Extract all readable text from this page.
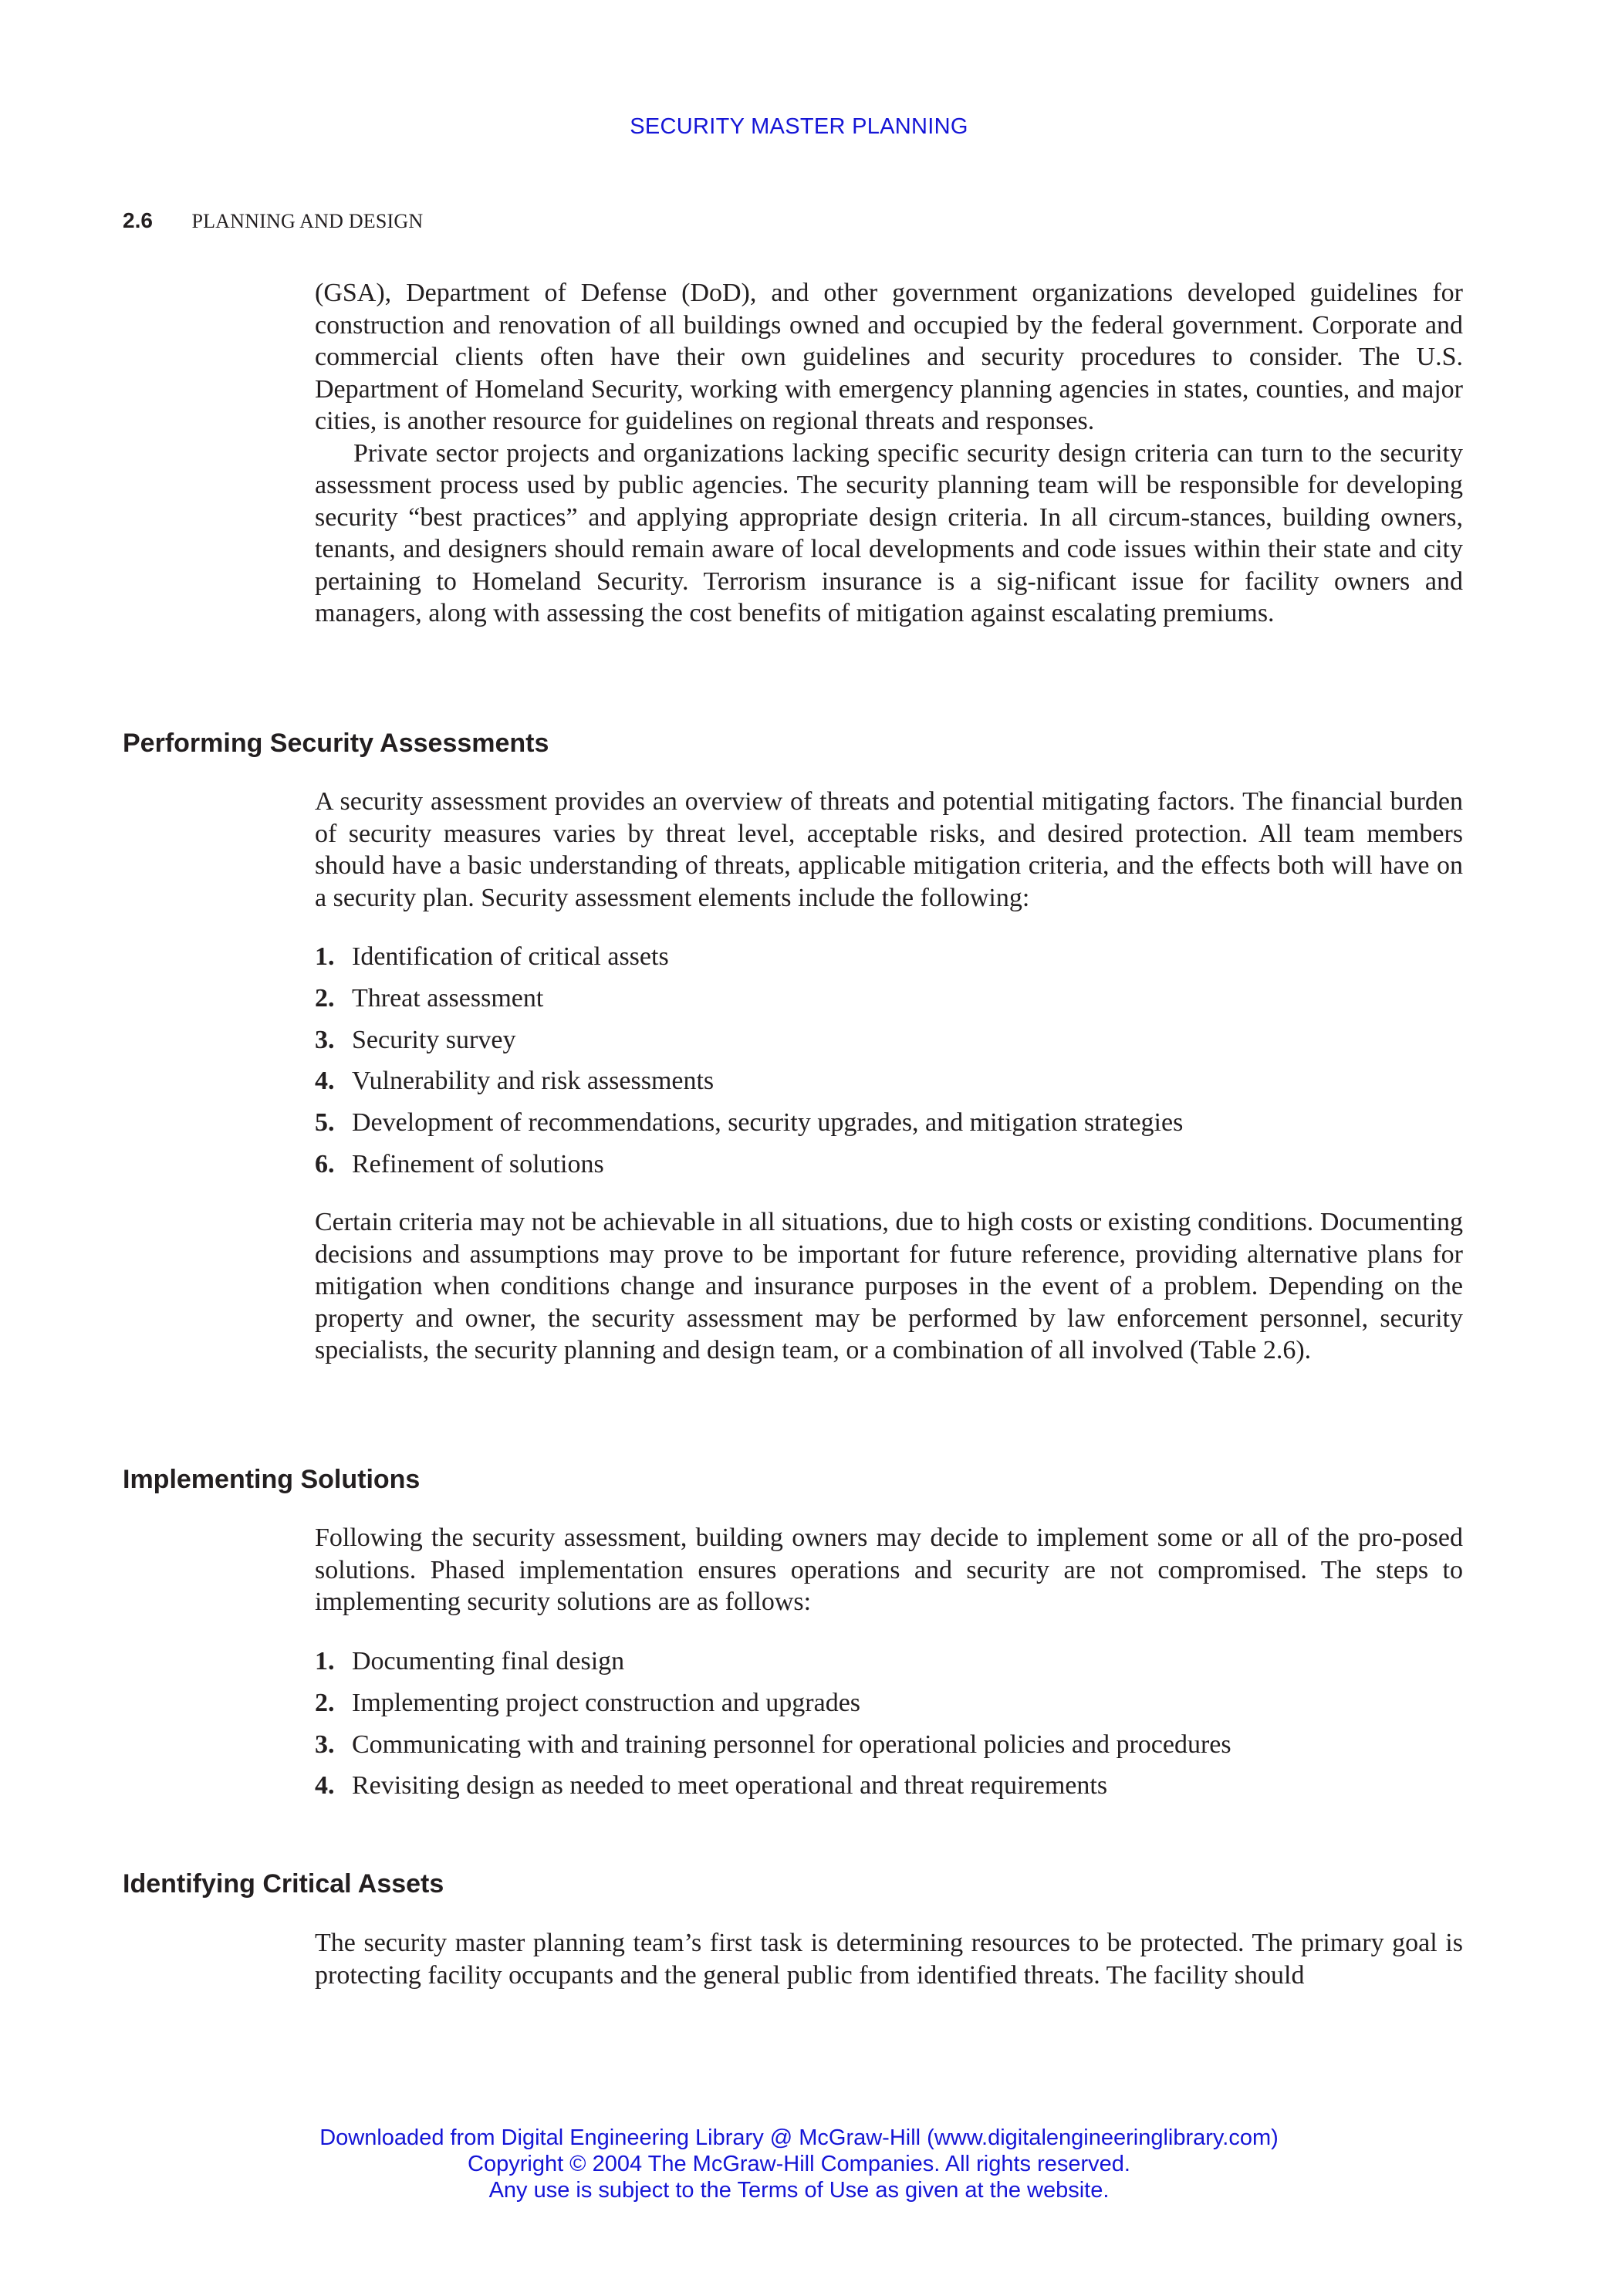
SECURITY MASTER PLANNING
2.6 PLANNING AND DESIGN

(GSA), Department of Defense (DoD), and other government organizations developed guidelines for construction and renovation of all buildings owned and occupied by the federal government. Corporate and commercial clients often have their own guidelines and security procedures to consider. The U.S. Department of Homeland Security, working with emergency planning agencies in states, counties, and major cities, is another resource for guidelines on regional threats and responses.

Private sector projects and organizations lacking specific security design criteria can turn to the security assessment process used by public agencies. The security planning team will be responsible for developing security “best practices” and applying appropriate design criteria. In all circum-stances, building owners, tenants, and designers should remain aware of local developments and code issues within their state and city pertaining to Homeland Security. Terrorism insurance is a sig-nificant issue for facility owners and managers, along with assessing the cost benefits of mitigation against escalating premiums.

Performing Security Assessments

A security assessment provides an overview of threats and potential mitigating factors. The financial burden of security measures varies by threat level, acceptable risks, and desired protection. All team members should have a basic understanding of threats, applicable mitigation criteria, and the effects both will have on a security plan. Security assessment elements include the following:

1. Identification of critical assets
2. Threat assessment
3. Security survey
4. Vulnerability and risk assessments
5. Development of recommendations, security upgrades, and mitigation strategies
6. Refinement of solutions

Certain criteria may not be achievable in all situations, due to high costs or existing conditions. Documenting decisions and assumptions may prove to be important for future reference, providing alternative plans for mitigation when conditions change and insurance purposes in the event of a problem. Depending on the property and owner, the security assessment may be performed by law enforcement personnel, security specialists, the security planning and design team, or a combination of all involved (Table 2.6).

Implementing Solutions

Following the security assessment, building owners may decide to implement some or all of the pro-posed solutions. Phased implementation ensures operations and security are not compromised. The steps to implementing security solutions are as follows:

1. Documenting final design
2. Implementing project construction and upgrades
3. Communicating with and training personnel for operational policies and procedures
4. Revisiting design as needed to meet operational and threat requirements
Identifying Critical Assets

The security master planning team’s first task is determining resources to be protected. The primary goal is protecting facility occupants and the general public from identified threats. The facility should

Downloaded from Digital Engineering Library @ McGraw-Hill (www.digitalengineeringlibrary.com)
Copyright © 2004 The McGraw-Hill Companies. All rights reserved.
Any use is subject to the Terms of Use as given at the website.
